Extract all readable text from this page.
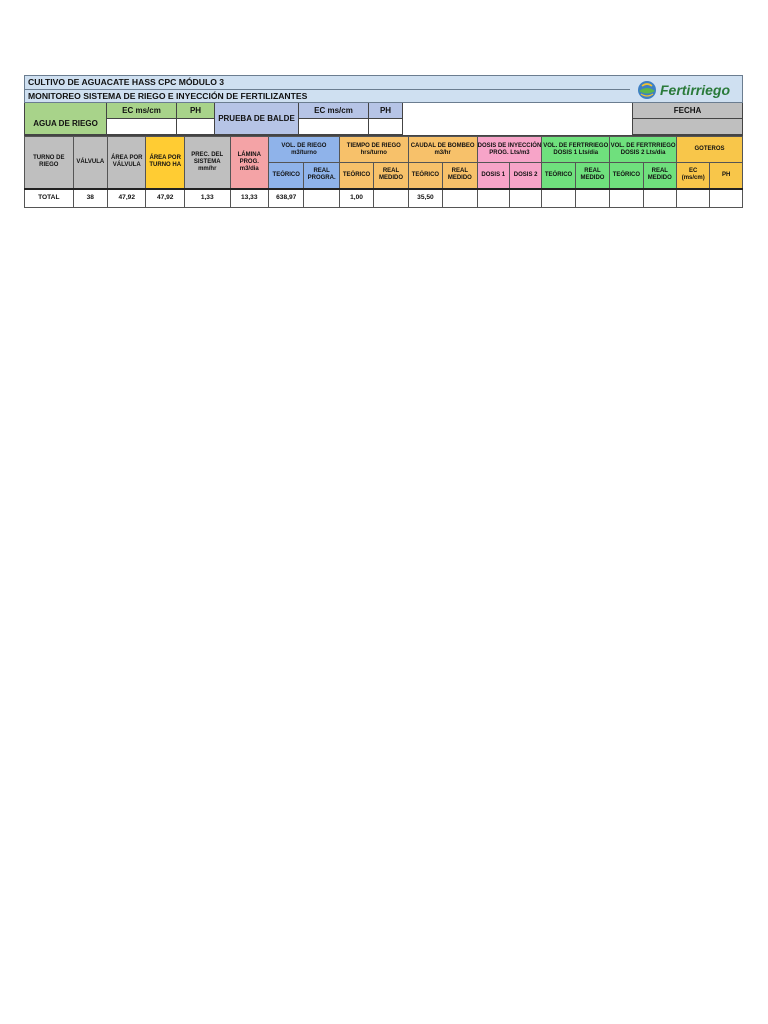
CULTIVO DE AGUACATE HASS CPC MÓDULO 3
MONITOREO SISTEMA DE RIEGO E INYECCIÓN DE FERTILIZANTES	Fertirriego
AGUA DE RIEGO
EC ms/cm	PH
PRUEBA DE BALDE
EC ms/cm	PH	FECHA
TURNO DE RIEGO	VÁLVULA	ÁREA POR VÁLVULA	ÁREA POR TURNO HA	PREC. DEL SISTEMA mm/hr	LÁMINA PROG. m3/dia	VOL. DE RIEGO m3/turno		TIEMPO DE RIEGO hrs/turno		CAUDAL DE BOMBEO m3/hr		DOSIS DE INYECCIÓN PROG. Lts/m3		VOL. DE FERTRRIEGO DOSIS 1 Lts/dia		VOL. DE FERTRRIEGO DOSIS 2 Lts/dia		GOTEROS	
						TEÓRICO	REAL PROGRA.	TEÓRICO	REAL MEDIDO	TEÓRICO	REAL MEDIDO	DOSIS 1	DOSIS 2	TEÓRICO	REAL MEDIDO	TEÓRICO	REAL MEDIDO	EC (ms/cm)	PH
TOTAL	38	47,92	47,92	1,33	13,33	638,97		1,00		35,50									
